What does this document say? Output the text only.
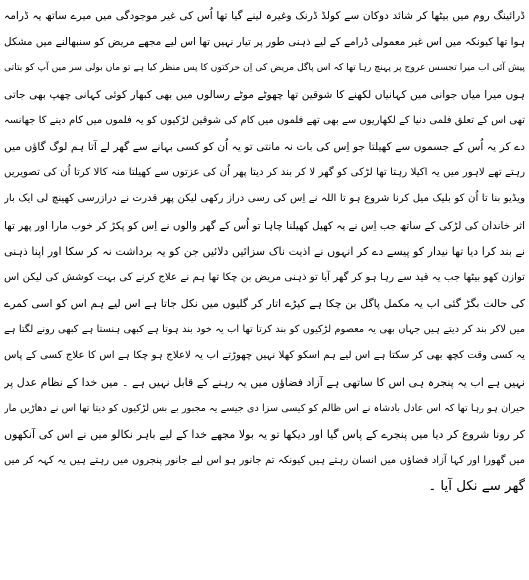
ڈرائینگ روم میں بیٹھا کر شائد دوکان سے کولڈ ڈرنک وغیرہ لینے گیا تھا اُس کی غیر موجودگی میں میرے ساتھ یہ ڈرامہ
ہوا تھا کیونکہ میں اس غیر معمولی ڈرامے کے لیے ذہنی طور پر تیار نہیں تھا اس لیے مجھے مریض کو سنبھالنے میں مشکل
پیش آئی اب میرا تجسس عروج پر پہنچ رہا تھا کہ اس پاگل مریض کی اِن حرکتوں کا پس منظر کیا ہے تو ماں بولی سر میں آپ کو بتاتی
ہوں میرا میاں جوانی میں کہانیاں لکھنے کا شوقین تھا چھوٹے موٹے رسالوں میں بھی کبھار کوئی کہانی چھپ بھی جاتی
تھی اس کے تعلق فلمی دنیا کے لکھاریوں سے بھی تھے فلموں میں کام کی شوقین لڑکیوں کو یہ فلموں میں کام دینے کا جھانسہ
دے کر یہ اُس کے جسموں سے کھیلتا جو اِس کی بات نہ مانتی تو یہ اُن کو کسی بہانے سے گھر لے آتا ہم لوگ گاؤں میں
رہتے تھے لاہور میں یہ اکیلا رہتا تھا لڑکی کو گھر لا کر بند کر دیتا پھر اُن کی عزتوں سے کھیلتا منہ کالا کرتا اُن کی تصویریں
ویڈیو بنا تا اُن کو بلیک میل کرنا شروع ہو تا اللہ نے اِس کی رسی دراز رکھی لیکن پھر قدرت نے درازرسی کھینچ لی ایک بار
اثر خاندان کی لڑکی کے ساتھ جب اِس نے یہ کھیل کھیلنا چاہا تو اُس کے گھر والوں نے اِس کو پکڑ کر خوب مارا اور پھر تھا
نے بند کرا دیا تھا نیدار کو پیسے دے کر انہوں نے اذیت ناک سزائیں دلائیں جن کو یہ برداشت نہ کر سکا اور اپنا ذہنی
توازن کھو بیٹھا جب یہ قید سے رہا ہو کر گھر آیا تو ذہنی مریض بن چکا تھا ہم نے علاج کرنے کی بہت کوشش کی لیکن اس
کی حالت بگڑ گئی اب یہ مکمل پاگل بن چکا ہے کپڑے اتار کر گلیوں میں نکل جاتا ہے اس لیے ہم اس کو اسی کمرے
میں لاکر بند کر دیتے ہیں جہاں بھی یہ معصوم لڑکیوں کو بند کرتا تھا اب یہ خود بند ہوتا ہے کبھی ہنستا ہے کبھی رونے لگتا ہے
یہ کسی وقت کچھ بھی کر سکتا ہے اس لیے ہم اسکو کھلا نہیں چھوڑتے اب یہ لاعلاج ہو چکا ہے اس کا علاج کسی کے پاس
نہیں ہے اب یہ پنجرہ ہی اس کا ساتھی ہے آزاد فضاؤں میں یہ رہنے کے قابل نہیں ہے ۔ میں خدا کے نظام عدل پر
حیران ہو رہا تھا کہ اس عادل بادشاہ نے اس ظالم کو کیسی سزا دی جیسے یہ مجبور بے بس لڑکیوں کو دیتا تھا اس نے دھاڑیں مار
کر رونا شروع کر دیا میں پنجرے کے پاس گیا اور دیکھا تو یہ بولا مجھے خدا کے لیے باہر نکالو میں نے اس کی آنکھوں
میں گھورا اور کہا آزاد فضاؤں میں انسان رہتے ہیں کیونکہ تم جانور ہو اس لیے جانور پنجروں میں رہتے ہیں یہ کہہ کر میں
گھر سے نکل آیا ۔
